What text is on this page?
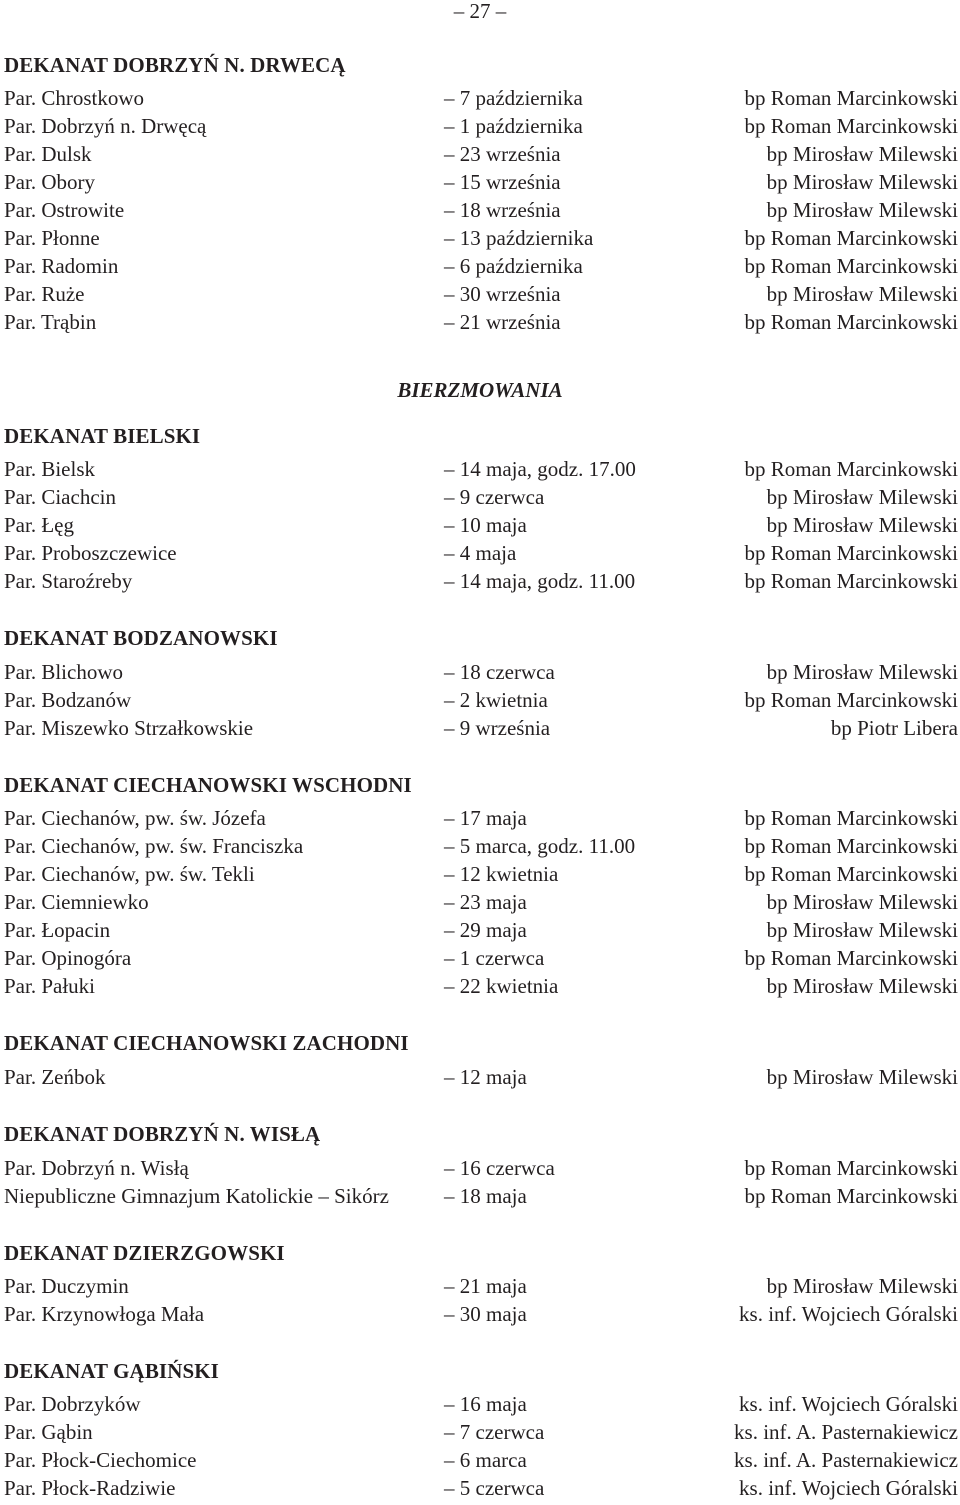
– 27 –
BIERZMOWANIA
DEKANAT DOBRZYŃ N. DRWECĄ
Par. Chrostkowo	– 7 października	bp Roman Marcinkowski
Par. Dobrzyń n. Drwęcą	– 1 października	bp Roman Marcinkowski
Par. Dulsk	– 23 września	bp Mirosław Milewski
Par. Obory	– 15 września	bp Mirosław Milewski
Par. Ostrowite	– 18 września	bp Mirosław Milewski
Par. Płonne	– 13 października	bp Roman Marcinkowski
Par. Radomin	– 6 października	bp Roman Marcinkowski
Par. Ruże	– 30 września	bp Mirosław Milewski
Par. Trąbin	– 21 września	bp Roman Marcinkowski
DEKANAT BIELSKI
Par. Bielsk	– 14 maja, godz. 17.00	bp Roman Marcinkowski
Par. Ciachcin	– 9 czerwca	bp Mirosław Milewski
Par. Łęg	– 10 maja	bp Mirosław Milewski
Par. Proboszczewice	– 4 maja	bp Roman Marcinkowski
Par. Staroźreby	– 14 maja, godz. 11.00	bp Roman Marcinkowski
DEKANAT BODZANOWSKI
Par. Blichowo	– 18 czerwca	bp Mirosław Milewski
Par. Bodzanów	– 2 kwietnia	bp Roman Marcinkowski
Par. Miszewko Strzałkowskie	– 9 września	bp Piotr Libera
DEKANAT CIECHANOWSKI WSCHODNI
Par. Ciechanów, pw. św. Józefa	– 17 maja	bp Roman Marcinkowski
Par. Ciechanów, pw. św. Franciszka	– 5 marca, godz. 11.00	bp Roman Marcinkowski
Par. Ciechanów, pw. św. Tekli	– 12 kwietnia	bp Roman Marcinkowski
Par. Ciemniewko	– 23 maja	bp Mirosław Milewski
Par. Łopacin	– 29 maja	bp Mirosław Milewski
Par. Opinogóra	– 1 czerwca	bp Roman Marcinkowski
Par. Pałuki	– 22 kwietnia	bp Mirosław Milewski
DEKANAT CIECHANOWSKI ZACHODNI
Par. Zeńbok	– 12 maja	bp Mirosław Milewski
DEKANAT DOBRZYŃ N. WISŁĄ
Par. Dobrzyń n. Wisłą	– 16 czerwca	bp Roman Marcinkowski
Niepubliczne Gimnazjum Katolickie – Sikórz	– 18 maja	bp Roman Marcinkowski
DEKANAT DZIERZGOWSKI
Par. Duczymin	– 21 maja	bp Mirosław Milewski
Par. Krzynowłoga Mała	– 30 maja	ks. inf. Wojciech Góralski
DEKANAT GĄBIŃSKI
Par. Dobrzyków	– 16 maja	ks. inf. Wojciech Góralski
Par. Gąbin	– 7 czerwca	ks. inf. A. Pasternakiewicz
Par. Płock-Ciechomice	– 6 marca	ks. inf. A. Pasternakiewicz
Par. Płock-Radziwie	– 5 czerwca	ks. inf. Wojciech Góralski
